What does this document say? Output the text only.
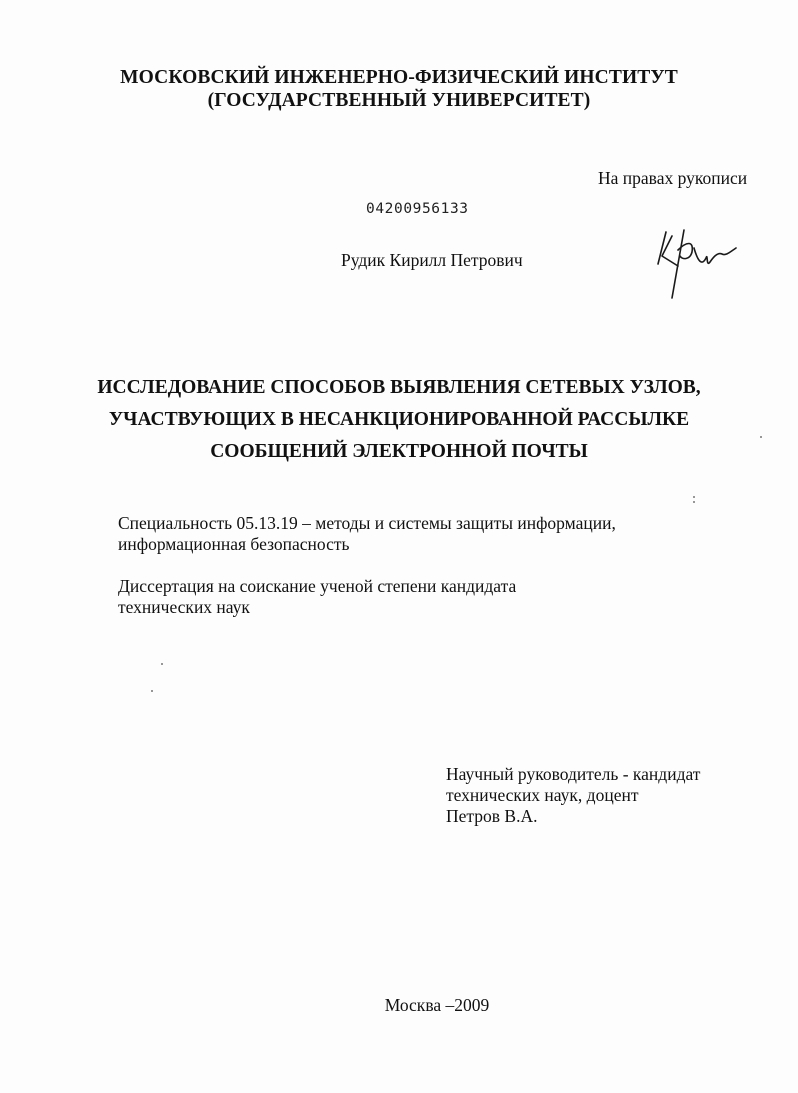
МОСКОВСКИЙ ИНЖЕНЕРНО-ФИЗИЧЕСКИЙ ИНСТИТУТ
(ГОСУДАРСТВЕННЫЙ УНИВЕРСИТЕТ)
На правах рукописи
04200956133
Рудик Кирилл Петрович
ИССЛЕДОВАНИЕ СПОСОБОВ ВЫЯВЛЕНИЯ СЕТЕВЫХ УЗЛОВ,
УЧАСТВУЮЩИХ В НЕСАНКЦИОНИРОВАННОЙ РАССЫЛКЕ
СООБЩЕНИЙ ЭЛЕКТРОННОЙ ПОЧТЫ
Специальность 05.13.19 – методы и системы защиты информации,
информационная безопасность
Диссертация на соискание ученой степени кандидата
технических наук
Научный руководитель - кандидат
технических наук, доцент
Петров В.А.
Москва –2009
